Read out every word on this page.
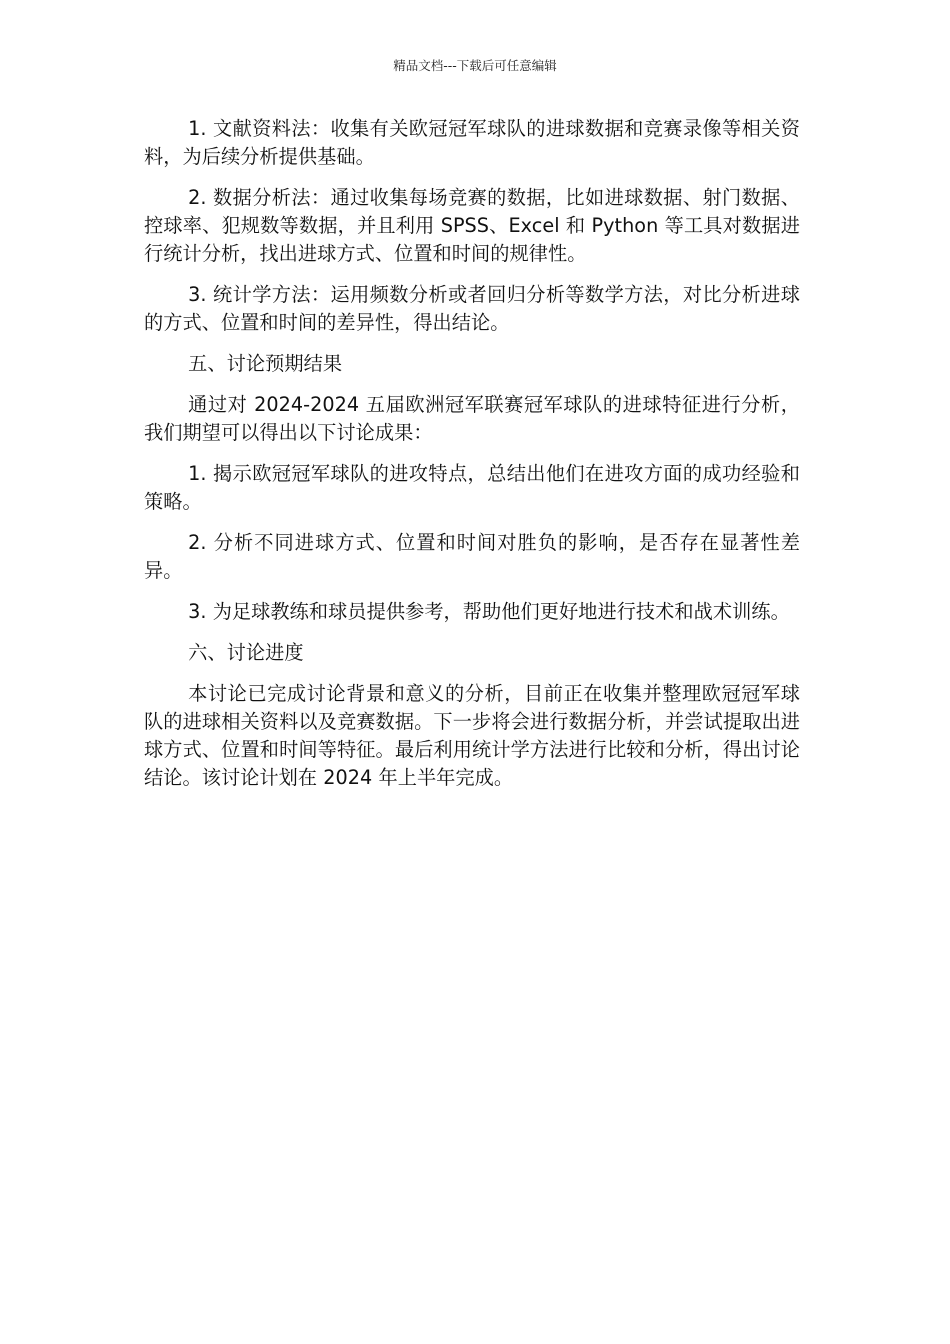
精品文档---下载后可任意编辑

1. 文献资料法：收集有关欧冠冠军球队的进球数据和竞赛录像等相关资料，为后续分析提供基础。

2. 数据分析法：通过收集每场竞赛的数据，比如进球数据、射门数据、控球率、犯规数等数据，并且利用 SPSS、Excel 和 Python 等工具对数据进行统计分析，找出进球方式、位置和时间的规律性。

3. 统计学方法：运用频数分析或者回归分析等数学方法，对比分析进球的方式、位置和时间的差异性，得出结论。

五、讨论预期结果

通过对 2024-2024 五届欧洲冠军联赛冠军球队的进球特征进行分析，我们期望可以得出以下讨论成果：

1. 揭示欧冠冠军球队的进攻特点，总结出他们在进攻方面的成功经验和策略。

2. 分析不同进球方式、位置和时间对胜负的影响，是否存在显著性差异。

3. 为足球教练和球员提供参考，帮助他们更好地进行技术和战术训练。

六、讨论进度

本讨论已完成讨论背景和意义的分析，目前正在收集并整理欧冠冠军球队的进球相关资料以及竞赛数据。下一步将会进行数据分析，并尝试提取出进球方式、位置和时间等特征。最后利用统计学方法进行比较和分析，得出讨论结论。该讨论计划在 2024 年上半年完成。
